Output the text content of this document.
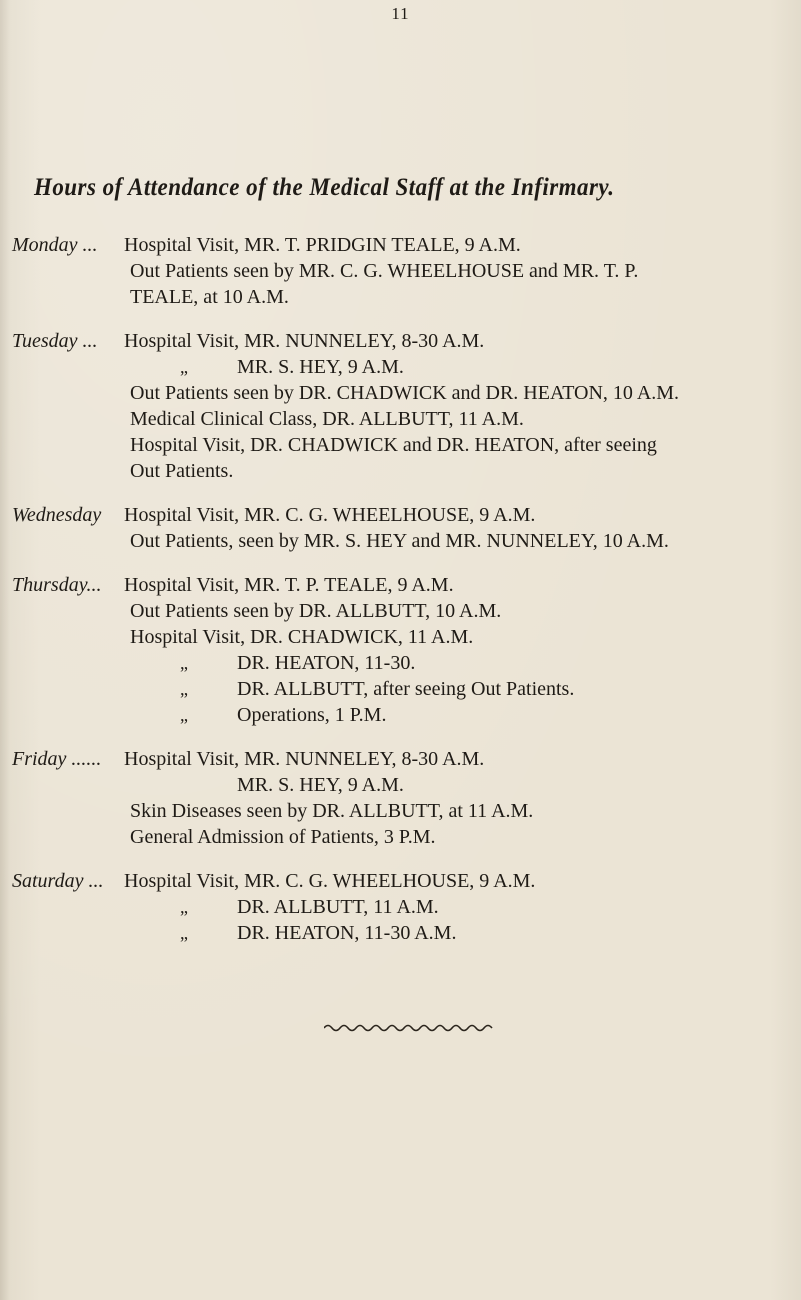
11
Hours of Attendance of the Medical Staff at the Infirmary.
Monday ... Hospital Visit, MR. T. PRIDGIN TEALE, 9 A.M.
Out Patients seen by MR. C. G. WHEELHOUSE and MR. T. P.
TEALE, at 10 A.M.
Tuesday ... Hospital Visit, MR. NUNNELEY, 8-30 A.M.
„ MR. S. HEY, 9 A.M.
Out Patients seen by DR. CHADWICK and DR. HEATON, 10 A.M.
Medical Clinical Class, DR. ALLBUTT, 11 A.M.
Hospital Visit, DR. CHADWICK and DR. HEATON, after seeing
Out Patients.
Wednesday Hospital Visit, MR. C. G. WHEELHOUSE, 9 A.M.
Out Patients, seen by MR. S. HEY and MR. NUNNELEY, 10 A.M.
Thursday... Hospital Visit, MR. T. P. TEALE, 9 A.M.
Out Patients seen by DR. ALLBUTT, 10 A.M.
Hospital Visit, DR. CHADWICK, 11 A.M.
„ DR. HEATON, 11-30.
„ DR. ALLBUTT, after seeing Out Patients.
„ Operations, 1 P.M.
Friday ...... Hospital Visit, MR. NUNNELEY, 8-30 A.M.
MR. S. HEY, 9 A.M.
Skin Diseases seen by DR. ALLBUTT, at 11 A.M.
General Admission of Patients, 3 P.M.
Saturday ... Hospital Visit, MR. C. G. WHEELHOUSE, 9 A.M.
„ DR. ALLBUTT, 11 A.M.
„ DR. HEATON, 11-30 A.M.
